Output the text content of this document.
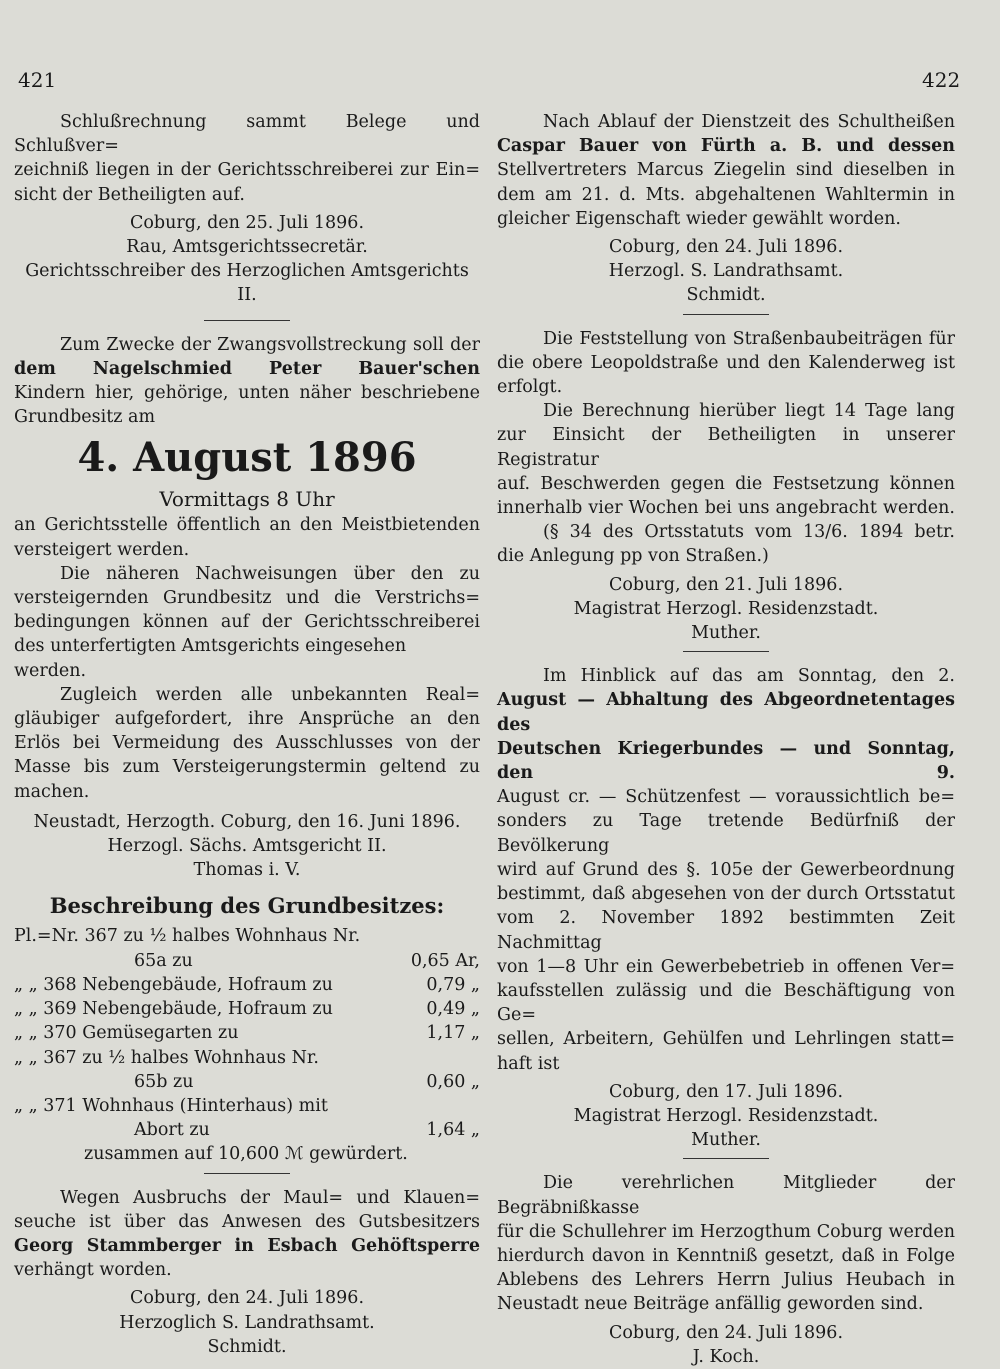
421	422
Schlußrechnung sammt Belege und Schlußver=
zeichniß liegen in der Gerichtsschreiberei zur Ein=
sicht der Betheiligten auf.
Coburg, den 25. Juli 1896.
Rau, Amtsgerichtssecretär.
Gerichtsschreiber des Herzoglichen Amtsgerichts II.
Zum Zwecke der Zwangsvollstreckung soll der
dem Nagelschmied Peter Bauer'schen
Kindern hier, gehörige, unten näher beschriebene
Grundbesitz am
4. August 1896
Vormittags 8 Uhr
an Gerichtsstelle öffentlich an den Meistbietenden
versteigert werden.
Die näheren Nachweisungen über den zu
versteigernden Grundbesitz und die Verstrichs=
bedingungen können auf der Gerichtsschreiberei
des unterfertigten Amtsgerichts eingesehen werden.
Zugleich werden alle unbekannten Real=
gläubiger aufgefordert, ihre Ansprüche an den
Erlös bei Vermeidung des Ausschlusses von der
Masse bis zum Versteigerungstermin geltend zu
machen.
Neustadt, Herzogth. Coburg, den 16. Juni 1896.
Herzogl. Sächs. Amtsgericht II.
Thomas i. V.
Beschreibung des Grundbesitzes:
Pl.=Nr. 367 zu ½ halbes Wohnhaus Nr.
65a zu	0,65 Ar,
„ „ 368 Nebengebäude, Hofraum zu	0,79 „
„ „ 369 Nebengebäude, Hofraum zu	0,49 „
„ „ 370 Gemüsegarten zu	1,17 „
„ „ 367 zu ½ halbes Wohnhaus Nr.
65b zu	0,60 „
„ „ 371 Wohnhaus (Hinterhaus) mit
Abort zu	1,64 „
zusammen auf 10,600 ℳ gewürdert.
Wegen Ausbruchs der Maul= und Klauen=
seuche ist über das Anwesen des Gutsbesitzers
Georg Stammberger in Esbach Gehöftsperre
verhängt worden.
Coburg, den 24. Juli 1896.
Herzoglich S. Landrathsamt.
Schmidt.
Nach Ablauf der Dienstzeit des Schultheißen
Caspar Bauer von Fürth a. B. und dessen
Stellvertreters Marcus Ziegelin sind dieselben in
dem am 21. d. Mts. abgehaltenen Wahltermin in
gleicher Eigenschaft wieder gewählt worden.
Coburg, den 24. Juli 1896.
Herzogl. S. Landrathsamt.
Schmidt.
Die Feststellung von Straßenbaubeiträgen für
die obere Leopoldstraße und den Kalenderweg ist
erfolgt.
Die Berechnung hierüber liegt 14 Tage lang
zur Einsicht der Betheiligten in unserer Registratur
auf. Beschwerden gegen die Festsetzung können
innerhalb vier Wochen bei uns angebracht werden.
(§ 34 des Ortsstatuts vom 13/6. 1894 betr.
die Anlegung pp von Straßen.)
Coburg, den 21. Juli 1896.
Magistrat Herzogl. Residenzstadt.
Muther.
Im Hinblick auf das am Sonntag, den 2.
August — Abhaltung des Abgeordnetentages des
Deutschen Kriegerbundes — und Sonntag, den 9.
August cr. — Schützenfest — voraussichtlich be=
sonders zu Tage tretende Bedürfniß der Bevölkerung
wird auf Grund des §. 105e der Gewerbeordnung
bestimmt, daß abgesehen von der durch Ortsstatut
vom 2. November 1892 bestimmten Zeit Nachmittag
von 1—8 Uhr ein Gewerbebetrieb in offenen Ver=
kaufsstellen zulässig und die Beschäftigung von Ge=
sellen, Arbeitern, Gehülfen und Lehrlingen statt=
haft ist
Coburg, den 17. Juli 1896.
Magistrat Herzogl. Residenzstadt.
Muther.
Die verehrlichen Mitglieder der Begräbnißkasse
für die Schullehrer im Herzogthum Coburg werden
hierdurch davon in Kenntniß gesetzt, daß in Folge
Ablebens des Lehrers Herrn Julius Heubach in
Neustadt neue Beiträge anfällig geworden sind.
Coburg, den 24. Juli 1896.
J. Koch.
